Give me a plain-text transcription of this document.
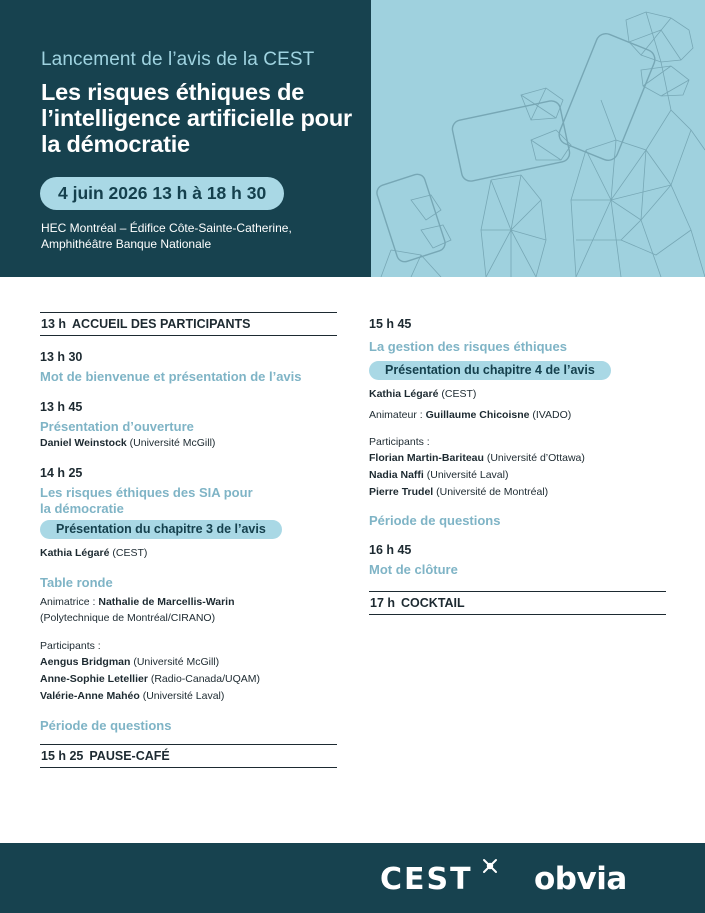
Lancement de l’avis de la CEST
Les risques éthiques de l’intelligence artificielle pour la démocratie
4 juin 2026 13 h à 18 h 30
HEC Montréal – Édifice Côte-Sainte-Catherine,
Amphithéâtre Banque Nationale
13 h ACCUEIL DES PARTICIPANTS
13 h 30
Mot de bienvenue et présentation de l’avis
13 h 45
Présentation d’ouverture
Daniel Weinstock (Université McGill)
14 h 25
Les risques éthiques des SIA pour
la démocratie
Présentation du chapitre 3 de l’avis
Kathia Légaré (CEST)
Table ronde
Animatrice : Nathalie de Marcellis-Warin
(Polytechnique de Montréal/CIRANO)
Participants :
Aengus Bridgman (Université McGill)
Anne-Sophie Letellier (Radio-Canada/UQAM)
Valérie-Anne Mahéo (Université Laval)
Période de questions
15 h 25 PAUSE-CAFÉ
15 h 45
La gestion des risques éthiques
Présentation du chapitre 4 de l’avis
Kathia Légaré (CEST)
Animateur : Guillaume Chicoisne (IVADO)
Participants :
Florian Martin-Bariteau (Université d’Ottawa)
Nadia Naffi (Université Laval)
Pierre Trudel (Université de Montréal)
Période de questions
16 h 45
Mot de clôture
17 h COCKTAIL
CEST obvia
